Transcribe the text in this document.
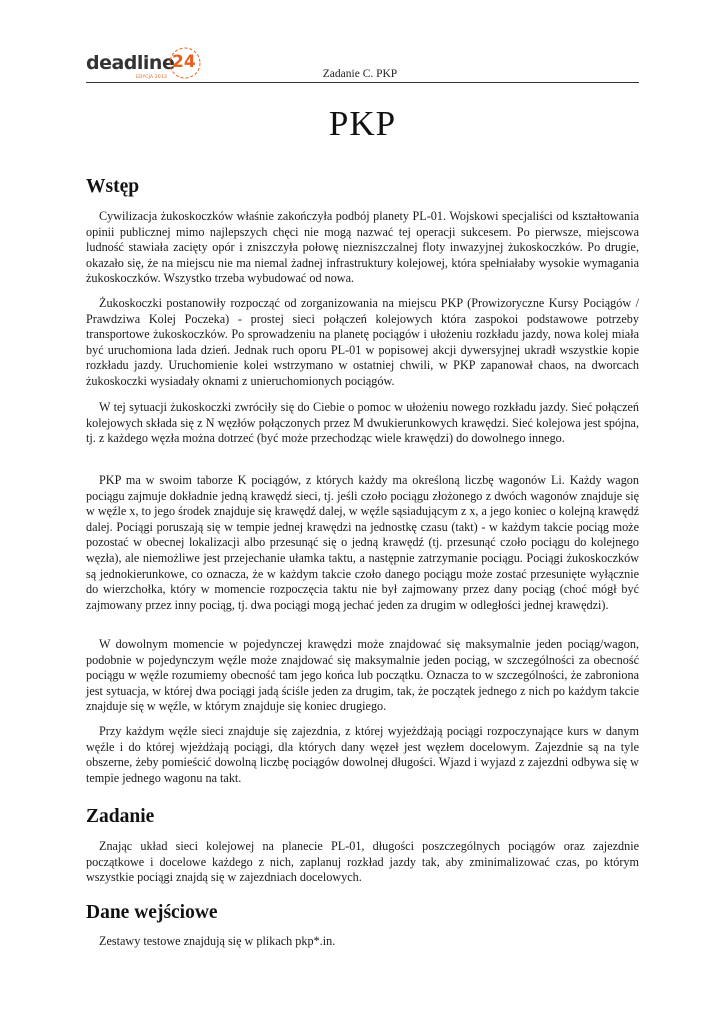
deadline
24
EDYCJA 2013	Zadanie C. PKP
PKP
Wstęp

Cywilizacja żukoskoczków właśnie zakończyła podbój planety PL-01. Wojskowi specjaliści od kształtowania opinii publicznej mimo najlepszych chęci nie mogą nazwać tej operacji sukcesem. Po pierwsze, miejscowa ludność stawiała zacięty opór i zniszczyła połowę niezniszczalnej floty inwazyjnej żukoskoczków. Po drugie, okazało się, że na miejscu nie ma niemal żadnej infrastruktury kolejowej, która spełniałaby wysokie wymagania żukoskoczków. Wszystko trzeba wybudować od nowa.

Żukoskoczki postanowiły rozpocząć od zorganizowania na miejscu PKP (Prowizoryczne Kursy Pociągów / Prawdziwa Kolej Poczeka) - prostej sieci połączeń kolejowych która zaspokoi podstawowe potrzeby transportowe żukoskoczków. Po sprowadzeniu na planetę pociągów i ułożeniu rozkładu jazdy, nowa kolej miała być uruchomiona lada dzień. Jednak ruch oporu PL-01 w popisowej akcji dywersyjnej ukradł wszystkie kopie rozkładu jazdy. Uruchomienie kolei wstrzymano w ostatniej chwili, w PKP zapanował chaos, na dworcach żukoskoczki wysiadały oknami z unieruchomionych pociągów.

W tej sytuacji żukoskoczki zwróciły się do Ciebie o pomoc w ułożeniu nowego rozkładu jazdy. Sieć połączeń kolejowych składa się z N węzłów połączonych przez M dwukierunkowych krawędzi. Sieć kolejowa jest spójna, tj. z każdego węzła można dotrzeć (być może przechodząc wiele krawędzi) do dowolnego innego.

PKP ma w swoim taborze K pociągów, z których każdy ma określoną liczbę wagonów Li. Każdy wagon pociągu zajmuje dokładnie jedną krawędź sieci, tj. jeśli czoło pociągu złożonego z dwóch wagonów znajduje się w węźle x, to jego środek znajduje się krawędź dalej, w węźle sąsiadującym z x, a jego koniec o kolejną krawędź dalej. Pociągi poruszają się w tempie jednej krawędzi na jednostkę czasu (takt) - w każdym takcie pociąg może pozostać w obecnej lokalizacji albo przesunąć się o jedną krawędź (tj. przesunąć czoło pociągu do kolejnego węzła), ale niemożliwe jest przejechanie ułamka taktu, a następnie zatrzymanie pociągu. Pociągi żukoskoczków są jednokierunkowe, co oznacza, że w każdym takcie czoło danego pociągu może zostać przesunięte wyłącznie do wierzchołka, który w momencie rozpoczęcia taktu nie był zajmowany przez dany pociąg (choć mógł być zajmowany przez inny pociąg, tj. dwa pociągi mogą jechać jeden za drugim w odległości jednej krawędzi).

W dowolnym momencie w pojedynczej krawędzi może znajdować się maksymalnie jeden pociąg/wagon, podobnie w pojedynczym węźle może znajdować się maksymalnie jeden pociąg, w szczególności za obecność pociągu w węźle rozumiemy obecność tam jego końca lub początku. Oznacza to w szczególności, że zabroniona jest sytuacja, w której dwa pociągi jadą ściśle jeden za drugim, tak, że początek jednego z nich po każdym takcie znajduje się w węźle, w którym znajduje się koniec drugiego.

Przy każdym węźle sieci znajduje się zajezdnia, z której wyjeżdżają pociągi rozpoczynające kurs w danym węźle i do której wjeżdżają pociągi, dla których dany węzeł jest węzłem docelowym. Zajezdnie są na tyle obszerne, żeby pomieścić dowolną liczbę pociągów dowolnej długości. Wjazd i wyjazd z zajezdni odbywa się w tempie jednego wagonu na takt.

Zadanie

Znając układ sieci kolejowej na planecie PL-01, długości poszczególnych pociągów oraz zajezdnie początkowe i docelowe każdego z nich, zaplanuj rozkład jazdy tak, aby zminimalizować czas, po którym wszystkie pociągi znajdą się w zajezdniach docelowych.

Dane wejściowe

Zestawy testowe znajdują się w plikach pkp*.in.
